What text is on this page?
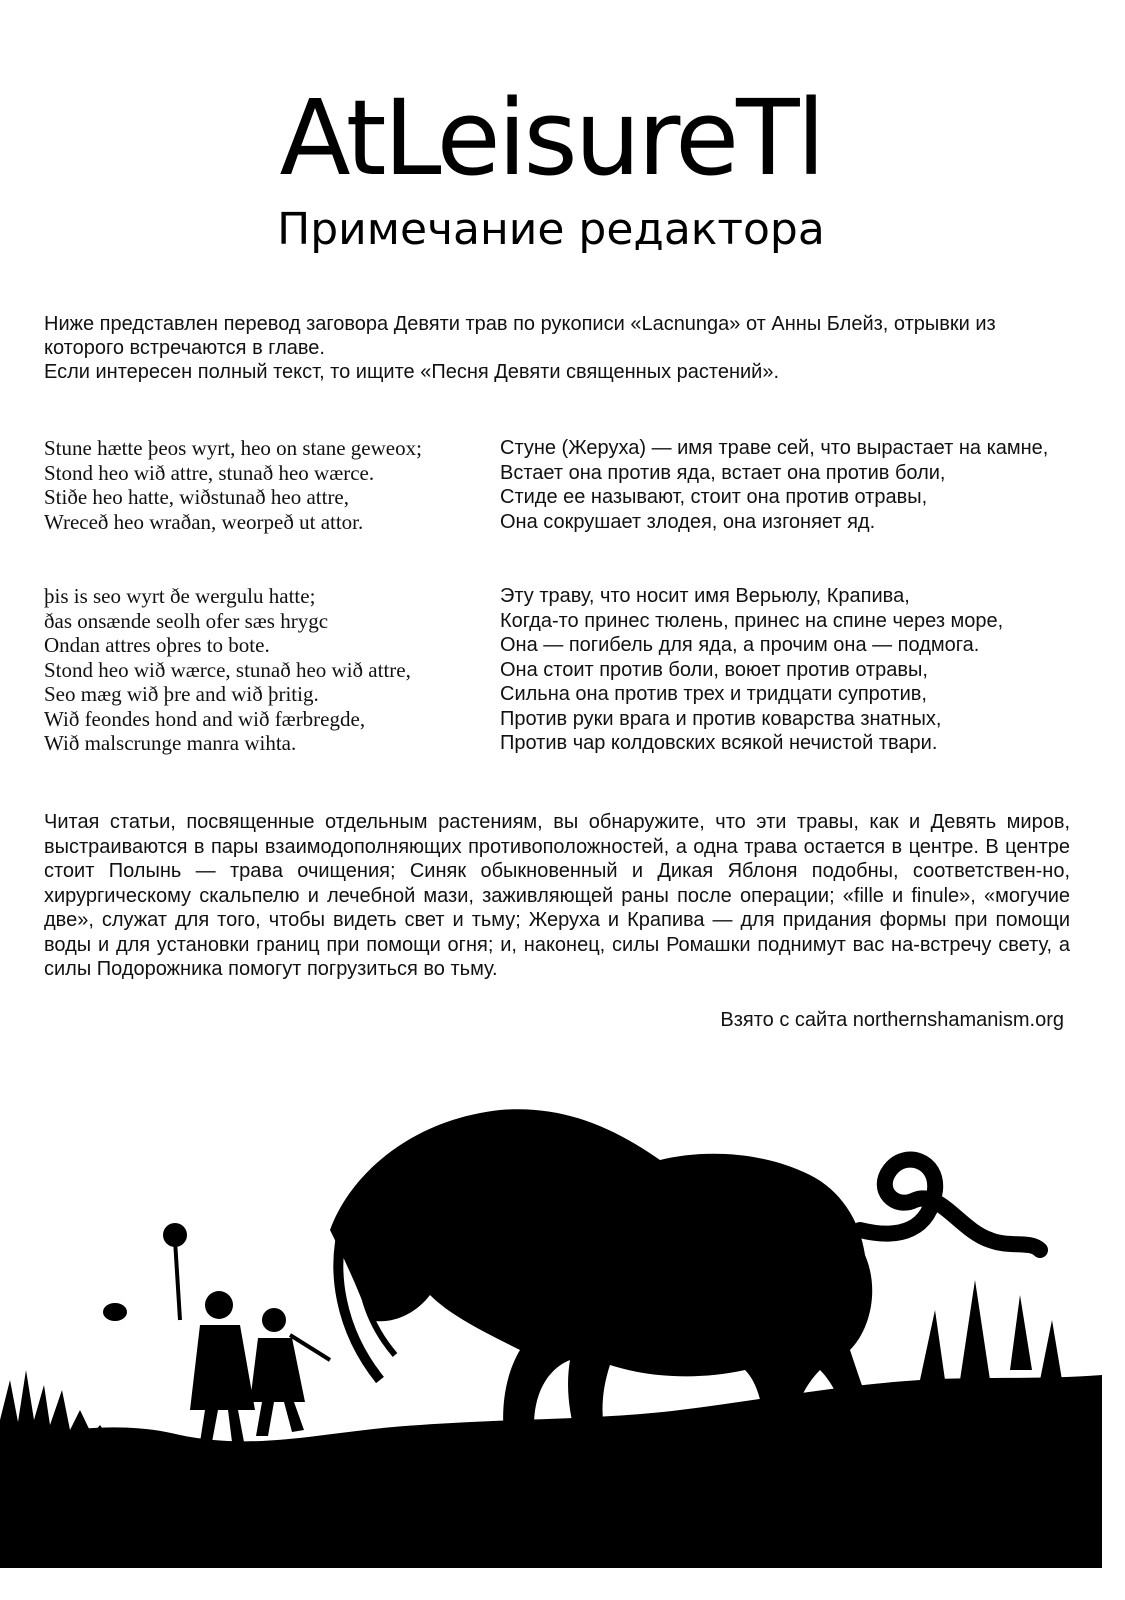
AtLeisureTl
Примечание редактора

Ниже представлен перевод заговора Девяти трав по рукописи «Lacnunga» от Анны Блейз, отрывки из которого встречаются в главе.

Если интересен полный текст, то ищите «Песня Девяти священных растений».

Stune hætte þeos wyrt, heo on stane geweox;
Stond heo wið attre, stunað heo wærce.
Stiðe heo hatte, wiðstunað heo attre,
Wreceð heo wraðan, weorpeð ut attor.
Стуне (Жеруха) — имя траве сей, что вырастает на камне,
Встает она против яда, встает она против боли,
Стиде ее называют, стоит она против отравы,
Она сокрушает злодея, она изгоняет яд.
þis is seo wyrt ðe wergulu hatte;
ðas onsænde seolh ofer sæs hrygc
Ondan attres oþres to bote.
Stond heo wið wærce, stunað heo wið attre,
Seo mæg wið þre and wið þritig.
Wið feondes hond and wið færbregde,
Wið malscrunge manra wihta.
Эту траву, что носит имя Верьюлу, Крапива,
Когда-то принес тюлень, принес на спине через море,
Она — погибель для яда, а прочим она — подмога.
Она стоит против боли, воюет против отравы,
Сильна она против трех и тридцати супротив,
Против руки врага и против коварства знатных,
Против чар колдовских всякой нечистой твари.

Читая статьи, посвященные отдельным растениям, вы обнаружите, что эти травы, как и Девять миров, выстраиваются в пары взаимодополняющих противоположностей, а одна трава остается в центре. В центре стоит Полынь — трава очищения; Синяк обыкновенный и Дикая Яблоня подобны, соответствен-но, хирургическому скальпелю и лечебной мази, заживляющей раны после операции; «fille и finule», «могучие две», служат для того, чтобы видеть свет и тьму; Жеруха и Крапива — для придания формы при помощи воды и для установки границ при помощи огня; и, наконец, силы Ромашки поднимут вас на-встречу свету, а силы Подорожника помогут погрузиться во тьму.

Взято с сайта northernshamanism.org
